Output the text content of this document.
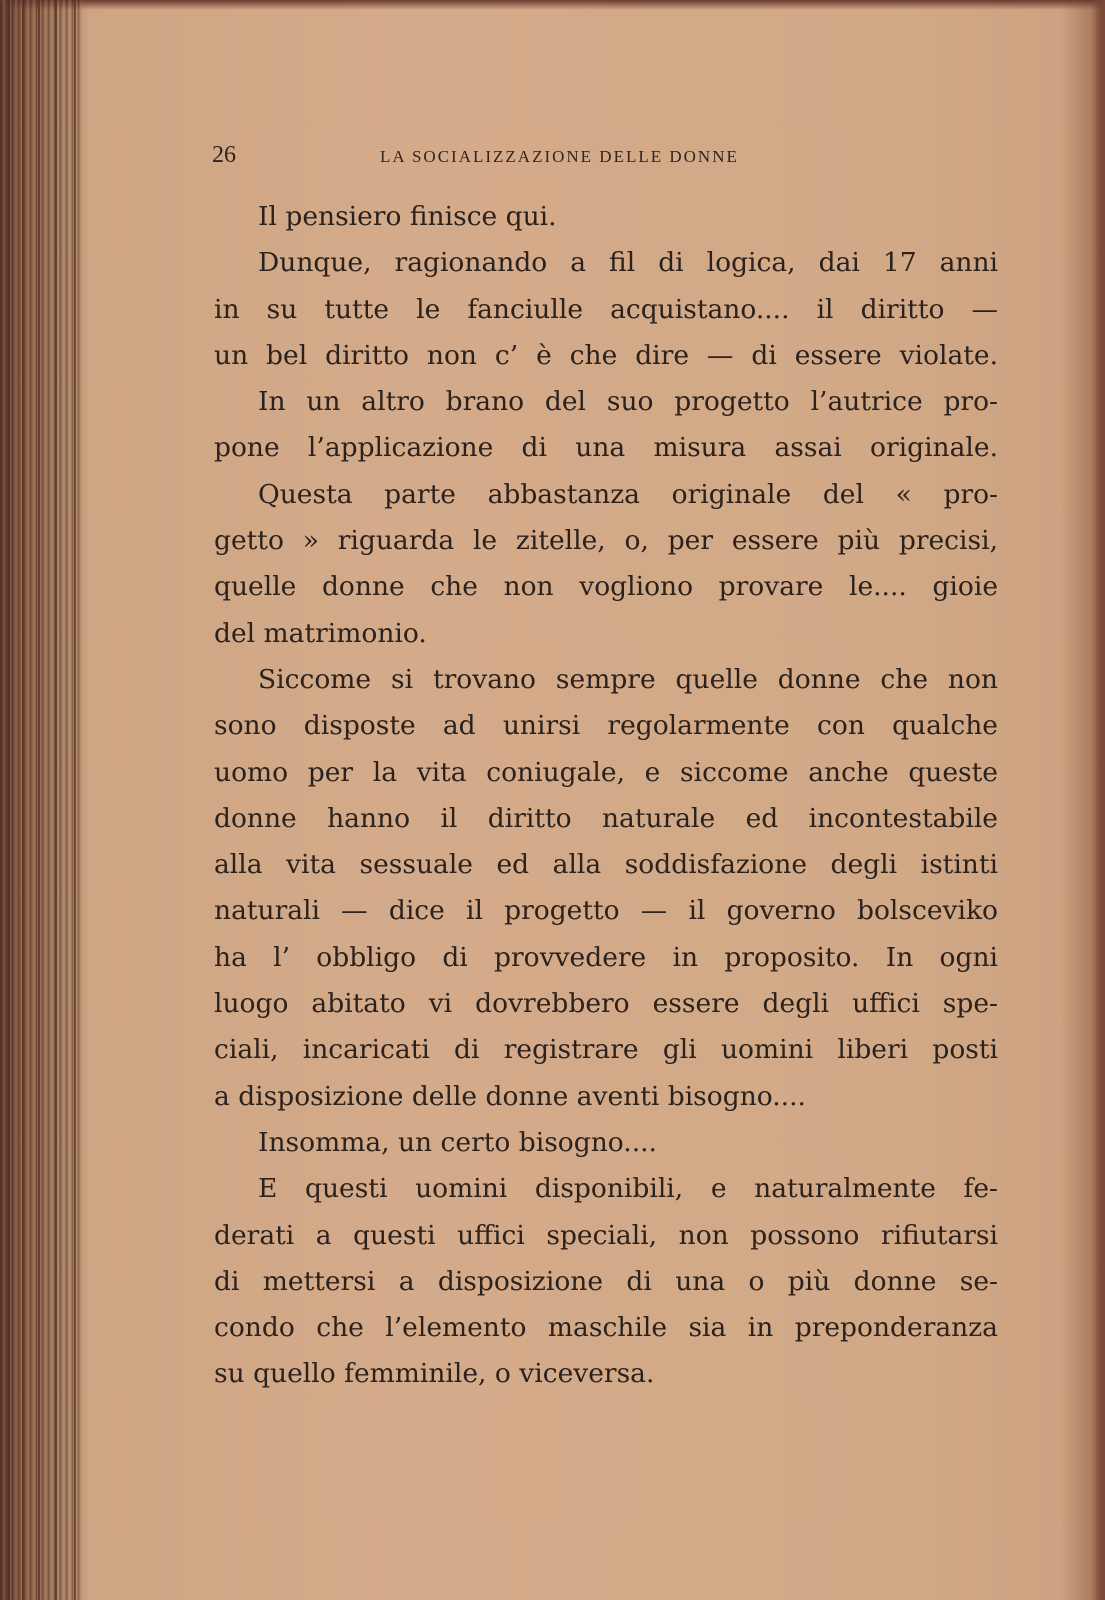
26	LA SOCIALIZZAZIONE DELLE DONNE
Il pensiero finisce qui.
Dunque, ragionando a fil di logica, dai 17 anni
in su tutte le fanciulle acquistano.... il diritto —
un bel diritto non c’ è che dire — di essere violate.
In un altro brano del suo progetto l’autrice pro-
pone l’applicazione di una misura assai originale.
Questa parte abbastanza originale del « pro-
getto » riguarda le zitelle, o, per essere più precisi,
quelle donne che non vogliono provare le.... gioie
del matrimonio.
Siccome si trovano sempre quelle donne che non
sono disposte ad unirsi regolarmente con qualche
uomo per la vita coniugale, e siccome anche queste
donne hanno il diritto naturale ed incontestabile
alla vita sessuale ed alla soddisfazione degli istinti
naturali — dice il progetto — il governo bolsceviko
ha l’ obbligo di provvedere in proposito. In ogni
luogo abitato vi dovrebbero essere degli uffici spe-
ciali, incaricati di registrare gli uomini liberi posti
a disposizione delle donne aventi bisogno....
Insomma, un certo bisogno....
E questi uomini disponibili, e naturalmente fe-
derati a questi uffici speciali, non possono rifiutarsi
di mettersi a disposizione di una o più donne se-
condo che l’elemento maschile sia in preponderanza
su quello femminile, o viceversa.
